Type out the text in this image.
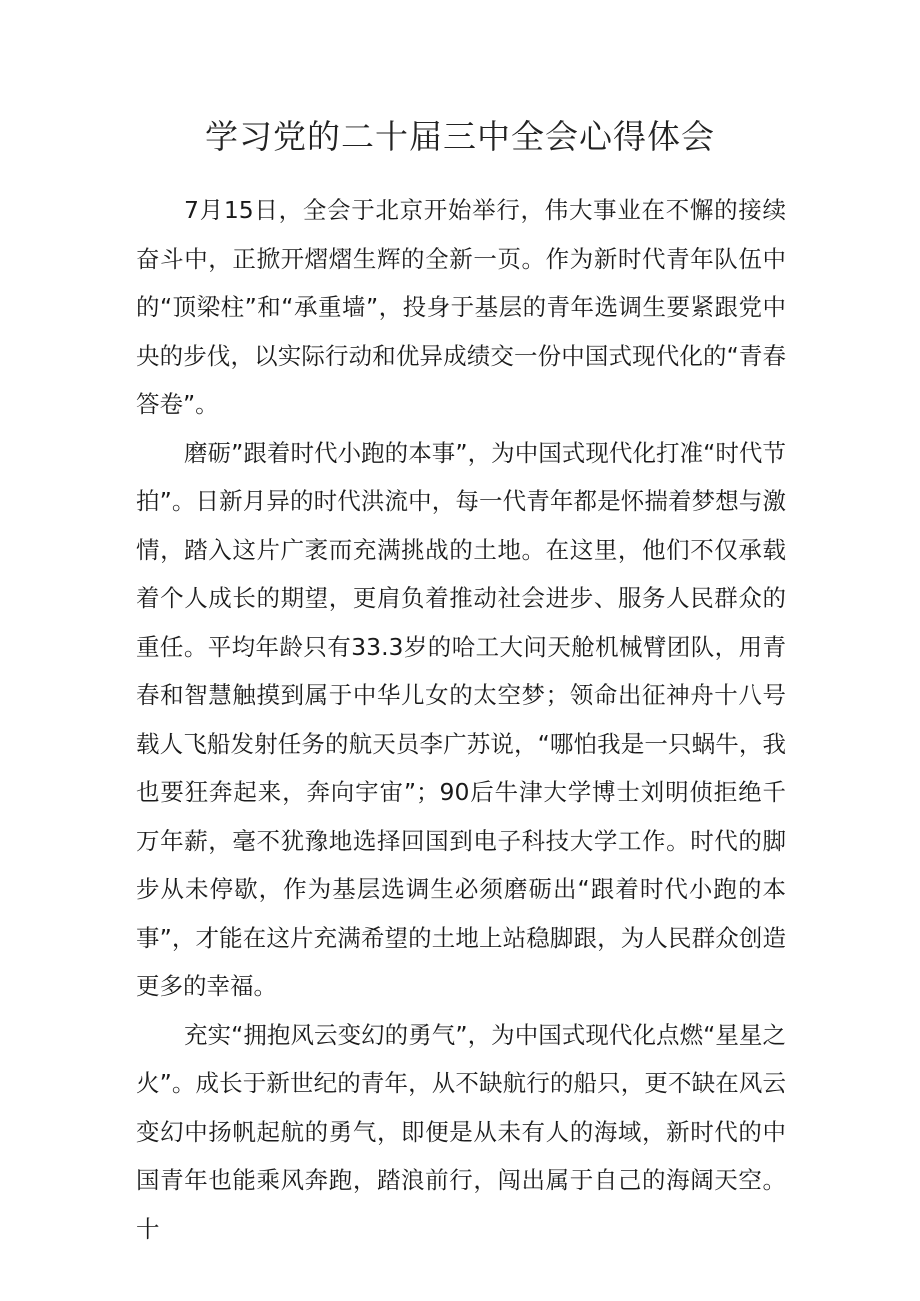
学习党的二十届三中全会心得体会

7月15日，全会于北京开始举行，伟大事业在不懈的接续奋斗中，正掀开熠熠生辉的全新一页。作为新时代青年队伍中的“顶梁柱”和“承重墙”，投身于基层的青年选调生要紧跟党中央的步伐，以实际行动和优异成绩交一份中国式现代化的“青春答卷”。

磨砺”跟着时代小跑的本事”，为中国式现代化打准“时代节拍”。日新月异的时代洪流中，每一代青年都是怀揣着梦想与激情，踏入这片广袤而充满挑战的土地。在这里，他们不仅承载着个人成长的期望，更肩负着推动社会进步、服务人民群众的重任。平均年龄只有33.3岁的哈工大问天舱机械臂团队，用青春和智慧触摸到属于中华儿女的太空梦；领命出征神舟十八号载人飞船发射任务的航天员李广苏说，“哪怕我是一只蜗牛，我也要狂奔起来，奔向宇宙”；90后牛津大学博士刘明侦拒绝千万年薪，毫不犹豫地选择回国到电子科技大学工作。时代的脚步从未停歇，作为基层选调生必须磨砺出“跟着时代小跑的本事”，才能在这片充满希望的土地上站稳脚跟，为人民群众创造更多的幸福。

充实“拥抱风云变幻的勇气”，为中国式现代化点燃“星星之火”。成长于新世纪的青年，从不缺航行的船只，更不缺在风云变幻中扬帆起航的勇气，即便是从未有人的海域，新时代的中国青年也能乘风奔跑，踏浪前行，闯出属于自己的海阔天空。十
